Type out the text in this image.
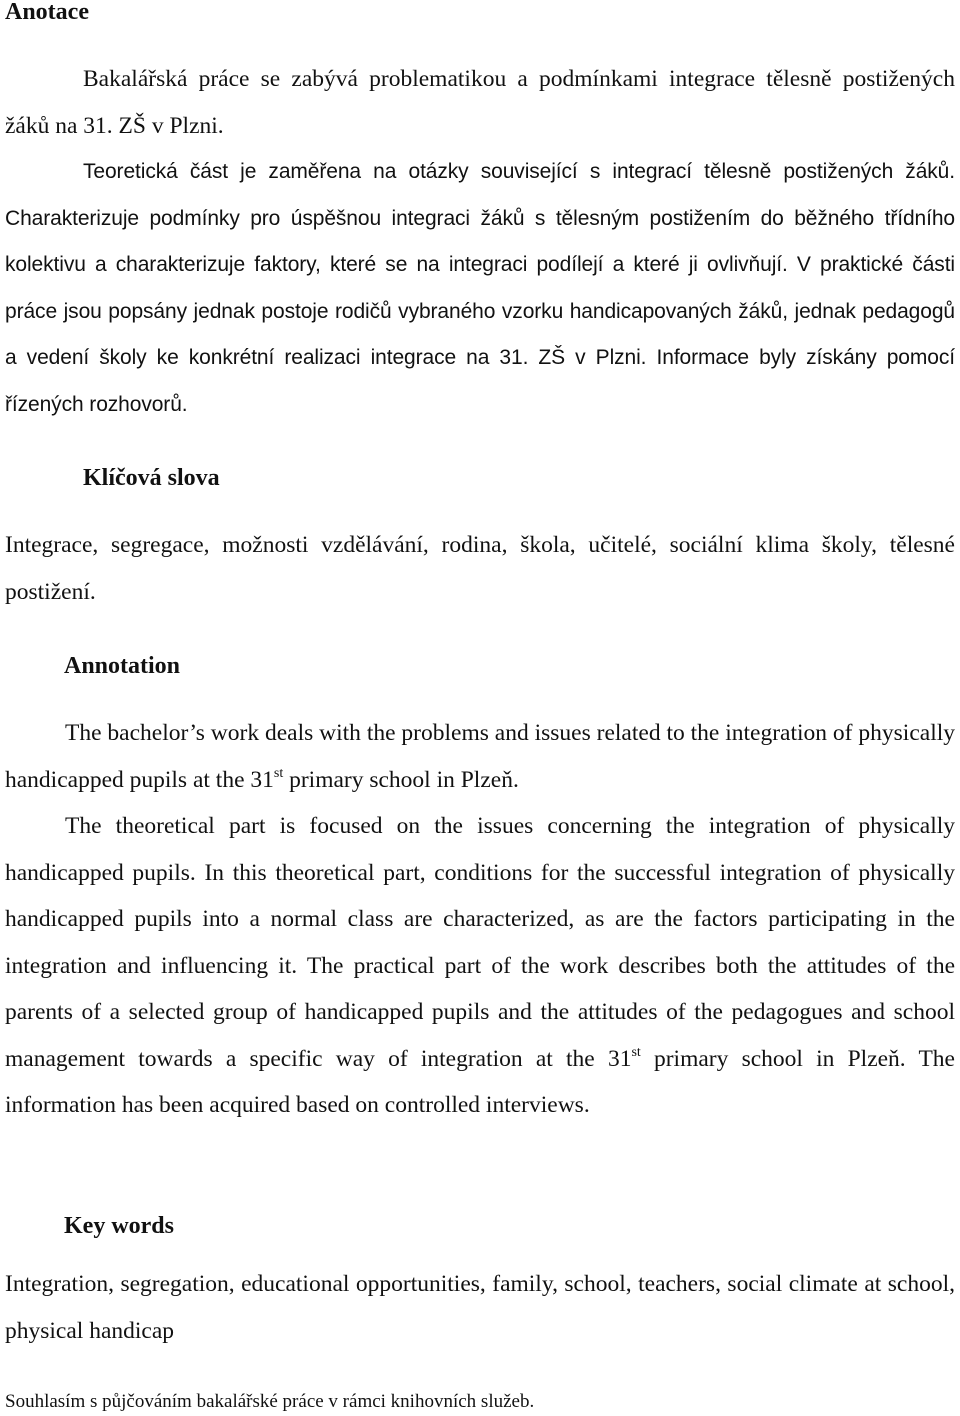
Anotace

Bakalářská práce se zabývá problematikou a podmínkami integrace tělesně postižených žáků na 31. ZŠ v Plzni.

Teoretická část je zaměřena na otázky související s integrací tělesně postižených žáků. Charakterizuje podmínky pro úspěšnou integraci žáků s tělesným postižením do běžného třídního kolektivu a charakterizuje faktory, které se na integraci podílejí a které ji ovlivňují. V praktické části práce jsou popsány jednak postoje rodičů vybraného vzorku handicapovaných žáků, jednak pedagogů a vedení školy ke konkrétní realizaci integrace na 31. ZŠ v Plzni. Informace byly získány pomocí řízených rozhovorů.

Klíčová slova

Integrace, segregace, možnosti vzdělávání, rodina, škola, učitelé, sociální klima školy, tělesné postižení.

Annotation

The bachelor’s work deals with the problems and issues related to the integration of physically handicapped pupils at the 31st primary school in Plzeň.

The theoretical part is focused on the issues concerning the integration of physically handicapped pupils. In this theoretical part, conditions for the successful integration of physically handicapped pupils into a normal class are characterized, as are the factors participating in the integration and influencing it. The practical part of the work describes both the attitudes of the parents of a selected group of handicapped pupils and the attitudes of the pedagogues and school management towards a specific way of integration at the 31st primary school in Plzeň. The information has been acquired based on controlled interviews.

Key words

Integration, segregation, educational opportunities, family, school, teachers, social climate at school, physical handicap

Souhlasím s půjčováním bakalářské práce v rámci knihovních služeb.
